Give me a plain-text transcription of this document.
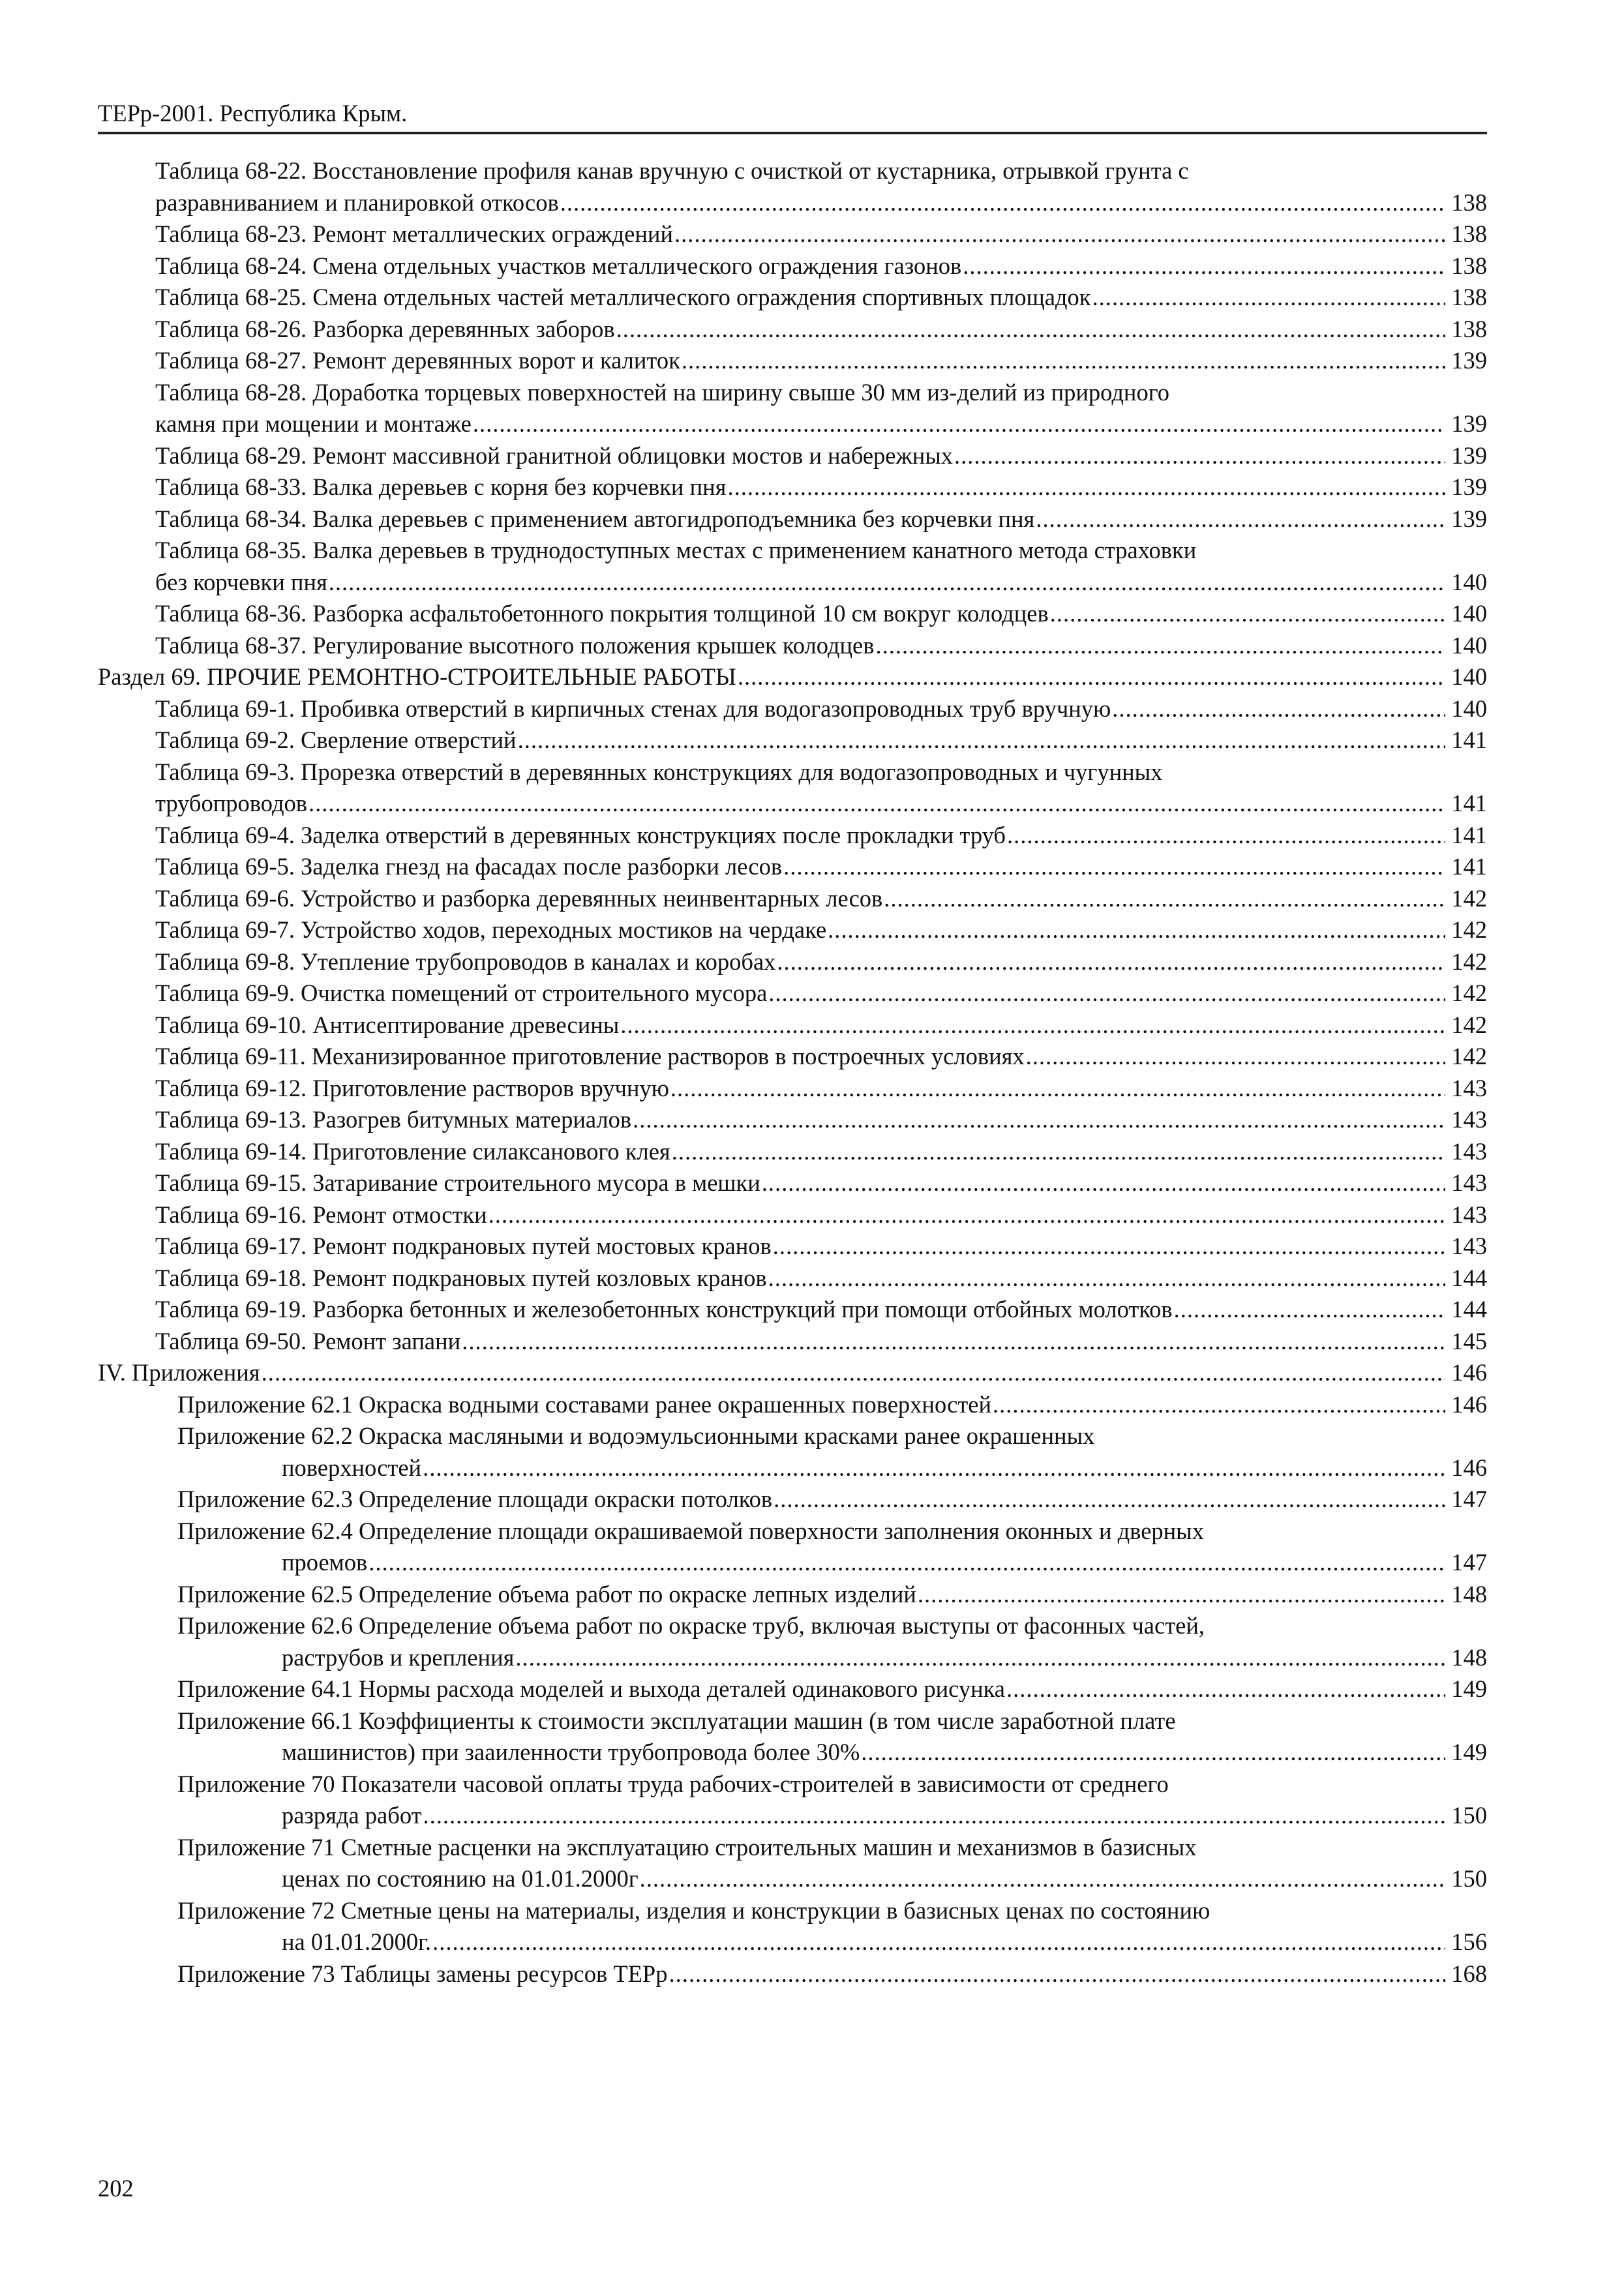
ТЕРр-2001. Республика Крым.
Таблица 68-22. Восстановление профиля канав вручную с очисткой от кустарника, отрывкой грунта с
разравниванием и планировкой откосов .....	138
Таблица 68-23. Ремонт металлических ограждений .....	138
Таблица 68-24. Смена отдельных участков металлического ограждения газонов .....	138
Таблица 68-25. Смена отдельных частей металлического ограждения спортивных площадок .....	138
Таблица 68-26. Разборка деревянных заборов .....	138
Таблица 68-27. Ремонт деревянных ворот и калиток .....	139
Таблица 68-28. Доработка торцевых поверхностей на ширину свыше 30 мм из-делий из природного
камня при мощении и монтаже .....	139
Таблица 68-29. Ремонт массивной гранитной облицовки мостов и набережных .....	139
Таблица 68-33. Валка деревьев с корня без корчевки пня .....	139
Таблица 68-34. Валка деревьев с применением автогидроподъемника без корчевки пня .....	139
Таблица 68-35. Валка деревьев в труднодоступных местах с применением канатного метода страховки
без корчевки пня .....	140
Таблица 68-36. Разборка асфальтобетонного покрытия толщиной 10 см вокруг колодцев .....	140
Таблица 68-37. Регулирование высотного положения крышек колодцев .....	140
Раздел 69. ПРОЧИЕ РЕМОНТНО-СТРОИТЕЛЬНЫЕ РАБОТЫ .....	140
Таблица 69-1. Пробивка отверстий в кирпичных стенах для водогазопроводных труб вручную .....	140
Таблица 69-2. Сверление отверстий .....	141
Таблица 69-3. Прорезка отверстий в деревянных конструкциях для водогазопроводных и чугунных
трубопроводов .....	141
Таблица 69-4. Заделка отверстий в деревянных конструкциях после прокладки труб .....	141
Таблица 69-5. Заделка гнезд на фасадах после разборки лесов .....	141
Таблица 69-6. Устройство и разборка деревянных неинвентарных лесов .....	142
Таблица 69-7. Устройство ходов, переходных мостиков на чердаке .....	142
Таблица 69-8. Утепление трубопроводов в каналах и коробах .....	142
Таблица 69-9. Очистка помещений от строительного мусора .....	142
Таблица 69-10. Антисептирование древесины .....	142
Таблица 69-11. Механизированное приготовление растворов в построечных условиях .....	142
Таблица 69-12. Приготовление растворов вручную .....	143
Таблица 69-13. Разогрев битумных материалов .....	143
Таблица 69-14. Приготовление силаксанового клея .....	143
Таблица 69-15. Затаривание строительного мусора в мешки .....	143
Таблица 69-16. Ремонт отмостки .....	143
Таблица 69-17. Ремонт подкрановых путей мостовых кранов .....	143
Таблица 69-18. Ремонт подкрановых путей козловых кранов .....	144
Таблица 69-19. Разборка бетонных и железобетонных конструкций при помощи отбойных молотков .....	144
Таблица 69-50. Ремонт запани .....	145
IV. Приложения .....	146
Приложение 62.1 Окраска водными составами ранее окрашенных поверхностей .....	146
Приложение 62.2 Окраска масляными и водоэмульсионными красками ранее окрашенных
поверхностей .....	146
Приложение 62.3 Определение площади окраски потолков .....	147
Приложение 62.4 Определение площади окрашиваемой поверхности заполнения оконных и дверных
проемов .....	147
Приложение 62.5 Определение объема работ по окраске лепных изделий .....	148
Приложение 62.6 Определение объема работ по окраске труб, включая выступы от фасонных частей,
раструбов и крепления .....	148
Приложение 64.1 Нормы расхода моделей и выхода деталей одинакового рисунка .....	149
Приложение 66.1 Коэффициенты к стоимости эксплуатации машин (в том числе заработной плате
машинистов) при зааиленности трубопровода более 30% .....	149
Приложение 70 Показатели часовой оплаты труда рабочих-строителей в зависимости от среднего
разряда работ .....	150
Приложение 71 Сметные расценки на эксплуатацию строительных машин и механизмов в базисных
ценах по состоянию на 01.01.2000г .....	150
Приложение 72 Сметные цены на материалы, изделия и конструкции в базисных ценах по состоянию
на 01.01.2000г. .....	156
Приложение 73 Таблицы замены ресурсов ТЕРр .....	168
202
